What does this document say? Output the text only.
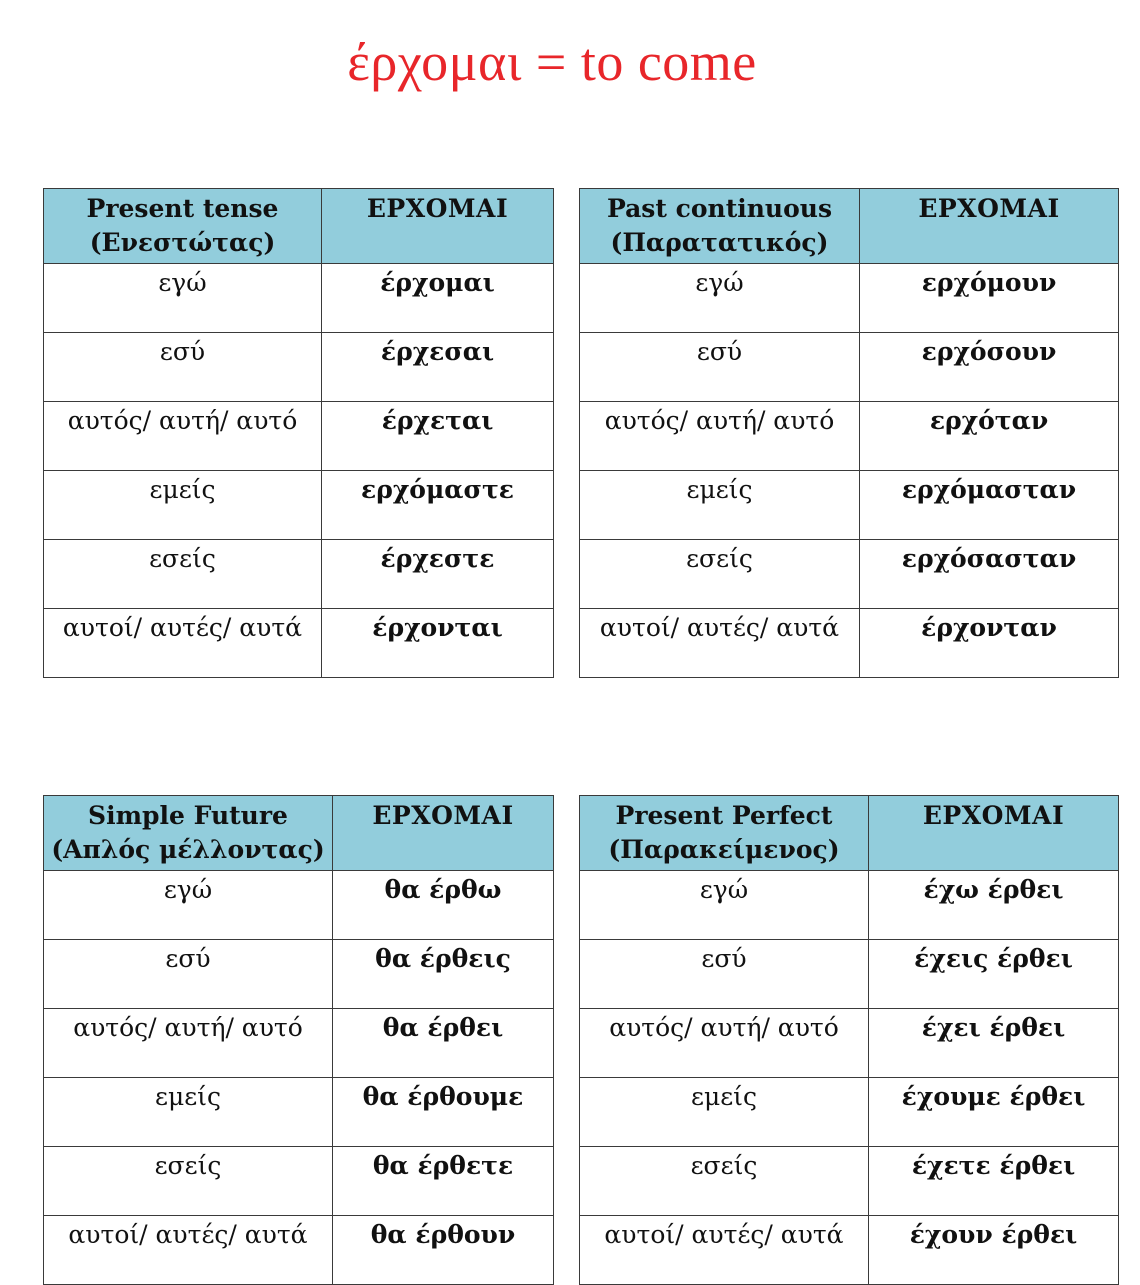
έρχομαι = to come
Present tense
(Ενεστώτας)	ΕΡΧΟΜΑΙ
εγώ	έρχομαι
εσύ	έρχεσαι
αυτός/ αυτή/ αυτό	έρχεται
εμείς	ερχόμαστε
εσείς	έρχεστε
αυτοί/ αυτές/ αυτά	έρχονται
Past continuous
(Παρατατικός)	ΕΡΧΟΜΑΙ
εγώ	ερχόμουν
εσύ	ερχόσουν
αυτός/ αυτή/ αυτό	ερχόταν
εμείς	ερχόμασταν
εσείς	ερχόσασταν
αυτοί/ αυτές/ αυτά	έρχονταν
Simple Future
(Απλός μέλλοντας)	ΕΡΧΟΜΑΙ
εγώ	θα έρθω
εσύ	θα έρθεις
αυτός/ αυτή/ αυτό	θα έρθει
εμείς	θα έρθουμε
εσείς	θα έρθετε
αυτοί/ αυτές/ αυτά	θα έρθουν
Present Perfect
(Παρακείμενος)	ΕΡΧΟΜΑΙ
εγώ	έχω έρθει
εσύ	έχεις έρθει
αυτός/ αυτή/ αυτό	έχει έρθει
εμείς	έχουμε έρθει
εσείς	έχετε έρθει
αυτοί/ αυτές/ αυτά	έχουν έρθει
